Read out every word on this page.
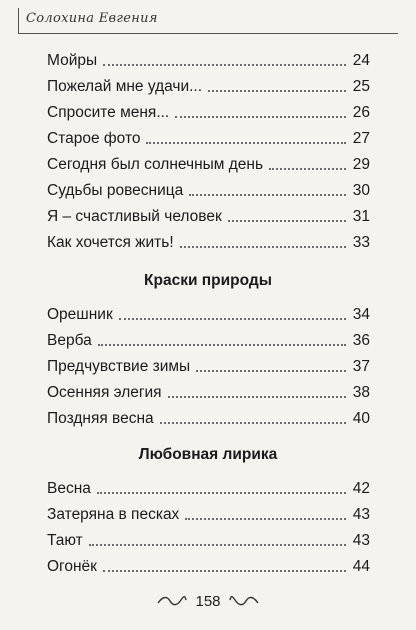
Солохина Евгения
Мойры	24
Пожелай мне удачи...	25
Спросите меня...	26
Старое фото	27
Сегодня был солнечным день	29
Судьбы ровесница	30
Я – счастливый человек	31
Как хочется жить!	33
Краски природы
Орешник	34
Верба	36
Предчувствие зимы	37
Осенняя элегия	38
Поздняя весна	40
Любовная лирика
Весна	42
Затеряна в песках	43
Тают	43
Огонёк	44
158
